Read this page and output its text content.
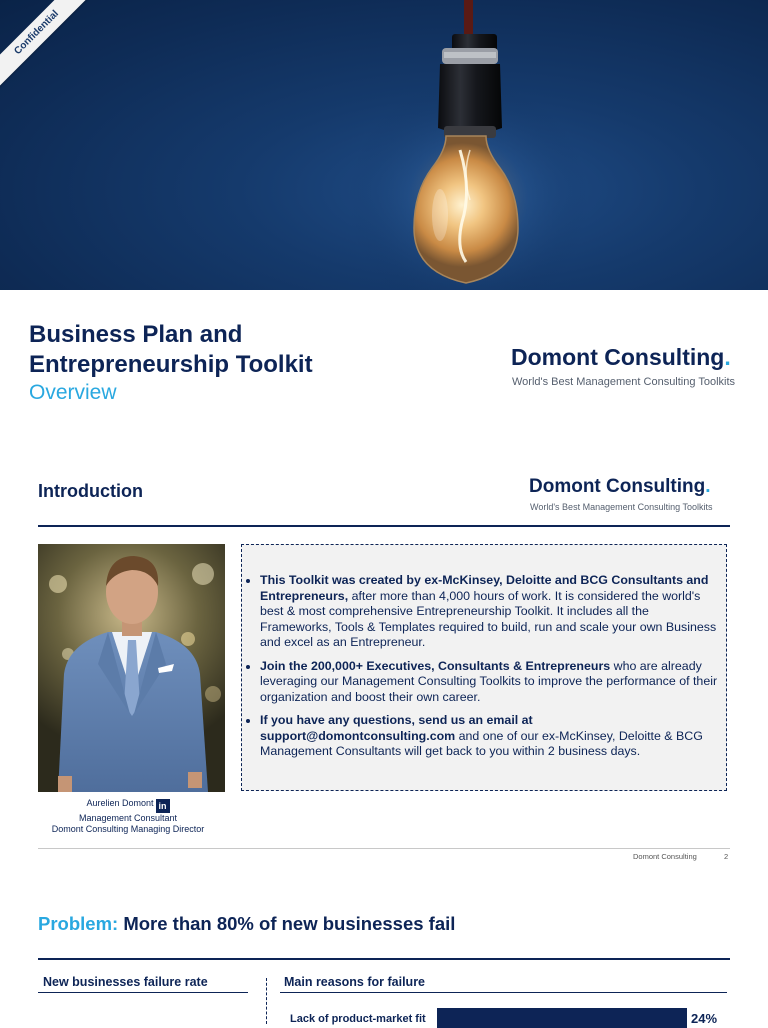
Confidential
Business Plan and Entrepreneurship Toolkit
Overview
Domont Consulting.
World's Best Management Consulting Toolkits
Introduction	Domont Consulting.
World's Best Management Consulting Toolkits
Aurelien Domont in
Management Consultant
Domont Consulting Managing Director
• This Toolkit was created by ex-McKinsey, Deloitte and BCG Consultants and Entrepreneurs, after more than 4,000 hours of work. It is considered the world's best & most comprehensive Entrepreneurship Toolkit. It includes all the Frameworks, Tools & Templates required to build, run and scale your own Business and excel as an Entrepreneur.
• Join the 200,000+ Executives, Consultants & Entrepreneurs who are already leveraging our Management Consulting Toolkits to improve the performance of their organization and boost their own career.
• If you have any questions, send us an email at support@domontconsulting.com and one of our ex-McKinsey, Deloitte & BCG Management Consultants will get back to you within 2 business days.
Domont Consulting	2
Problem: More than 80% of new businesses fail
New businesses failure rate	Main reasons for failure
Lack of product-market fit	24%
